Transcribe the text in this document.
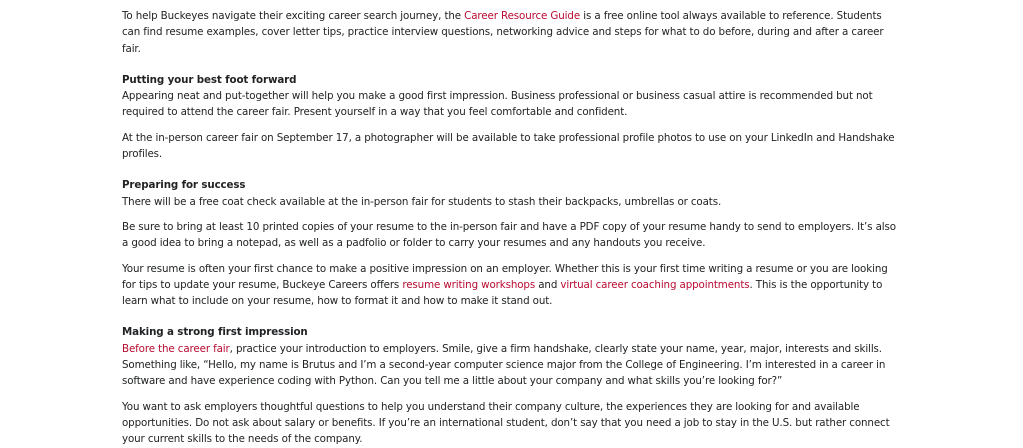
To help Buckeyes navigate their exciting career search journey, the Career Resource Guide is a free online tool always available to reference. Students can find resume examples, cover letter tips, practice interview questions, networking advice and steps for what to do before, during and after a career fair.

Putting your best foot forward
Appearing neat and put-together will help you make a good first impression. Business professional or business casual attire is recommended but not required to attend the career fair. Present yourself in a way that you feel comfortable and confident.

At the in-person career fair on September 17, a photographer will be available to take professional profile photos to use on your LinkedIn and Handshake profiles.

Preparing for success
There will be a free coat check available at the in-person fair for students to stash their backpacks, umbrellas or coats.

Be sure to bring at least 10 printed copies of your resume to the in-person fair and have a PDF copy of your resume handy to send to employers. It’s also a good idea to bring a notepad, as well as a padfolio or folder to carry your resumes and any handouts you receive.

Your resume is often your first chance to make a positive impression on an employer. Whether this is your first time writing a resume or you are looking for tips to update your resume, Buckeye Careers offers resume writing workshops and virtual career coaching appointments. This is the opportunity to learn what to include on your resume, how to format it and how to make it stand out.

Making a strong first impression
Before the career fair, practice your introduction to employers. Smile, give a firm handshake, clearly state your name, year, major, interests and skills. Something like, “Hello, my name is Brutus and I’m a second-year computer science major from the College of Engineering. I’m interested in a career in software and have experience coding with Python. Can you tell me a little about your company and what skills you’re looking for?”

You want to ask employers thoughtful questions to help you understand their company culture, the experiences they are looking for and available opportunities. Do not ask about salary or benefits. If you’re an international student, don’t say that you need a job to stay in the U.S. but rather connect your current skills to the needs of the company.
